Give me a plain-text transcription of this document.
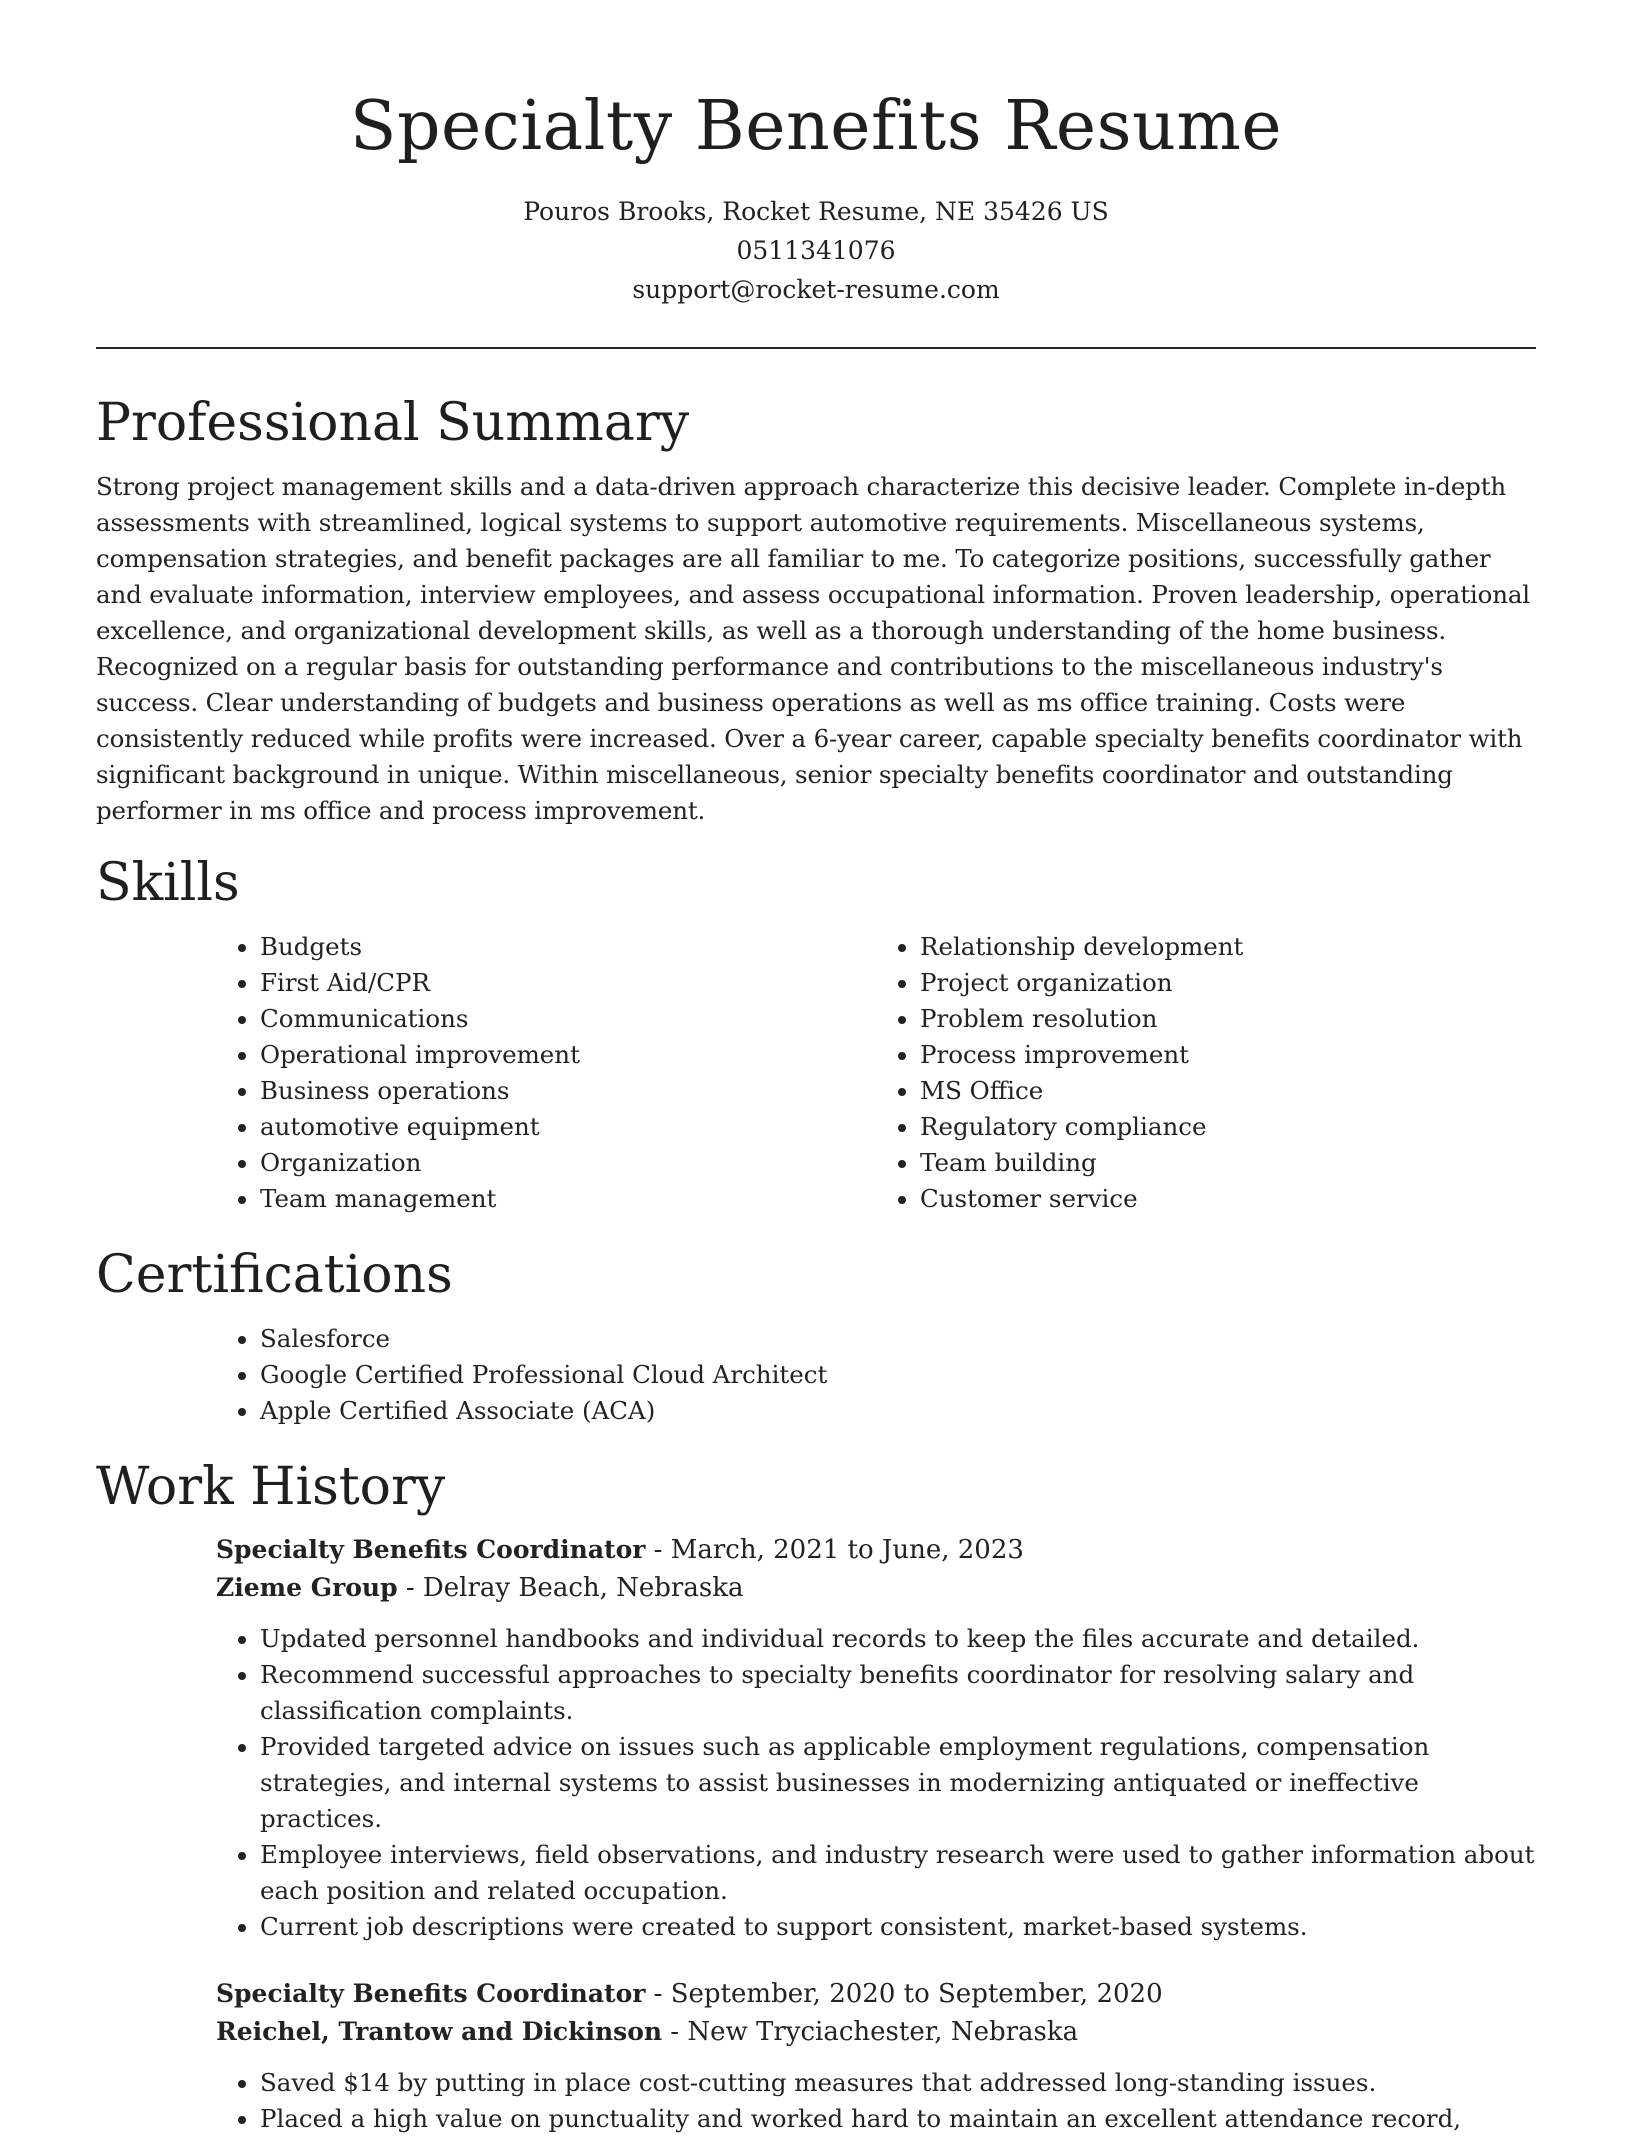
Specialty Benefits Resume
Pouros Brooks, Rocket Resume, NE 35426 US
0511341076
support@rocket-resume.com
Professional Summary

Strong project management skills and a data-driven approach characterize this decisive leader. Complete in-depth assessments with streamlined, logical systems to support automotive requirements. Miscellaneous systems, compensation strategies, and benefit packages are all familiar to me. To categorize positions, successfully gather and evaluate information, interview employees, and assess occupational information. Proven leadership, operational excellence, and organizational development skills, as well as a thorough understanding of the home business. Recognized on a regular basis for outstanding performance and contributions to the miscellaneous industry's success. Clear understanding of budgets and business operations as well as ms office training. Costs were consistently reduced while profits were increased. Over a 6-year career, capable specialty benefits coordinator with significant background in unique. Within miscellaneous, senior specialty benefits coordinator and outstanding performer in ms office and process improvement.

Skills
• Budgets
• First Aid/CPR
• Communications
• Operational improvement
• Business operations
• automotive equipment
• Organization
• Team management
• Relationship development
• Project organization
• Problem resolution
• Process improvement
• MS Office
• Regulatory compliance
• Team building
• Customer service
Certifications
• Salesforce
• Google Certified Professional Cloud Architect
• Apple Certified Associate (ACA)
Work History
Specialty Benefits Coordinator - March, 2021 to June, 2023
Zieme Group - Delray Beach, Nebraska
• Updated personnel handbooks and individual records to keep the files accurate and detailed.
• Recommend successful approaches to specialty benefits coordinator for resolving salary and classification complaints.
• Provided targeted advice on issues such as applicable employment regulations, compensation strategies, and internal systems to assist businesses in modernizing antiquated or ineffective practices.
• Employee interviews, field observations, and industry research were used to gather information about each position and related occupation.
• Current job descriptions were created to support consistent, market-based systems.
Specialty Benefits Coordinator - September, 2020 to September, 2020
Reichel, Trantow and Dickinson - New Tryciachester, Nebraska
• Saved $14 by putting in place cost-cutting measures that addressed long-standing issues.
• Placed a high value on punctuality and worked hard to maintain an excellent attendance record,
